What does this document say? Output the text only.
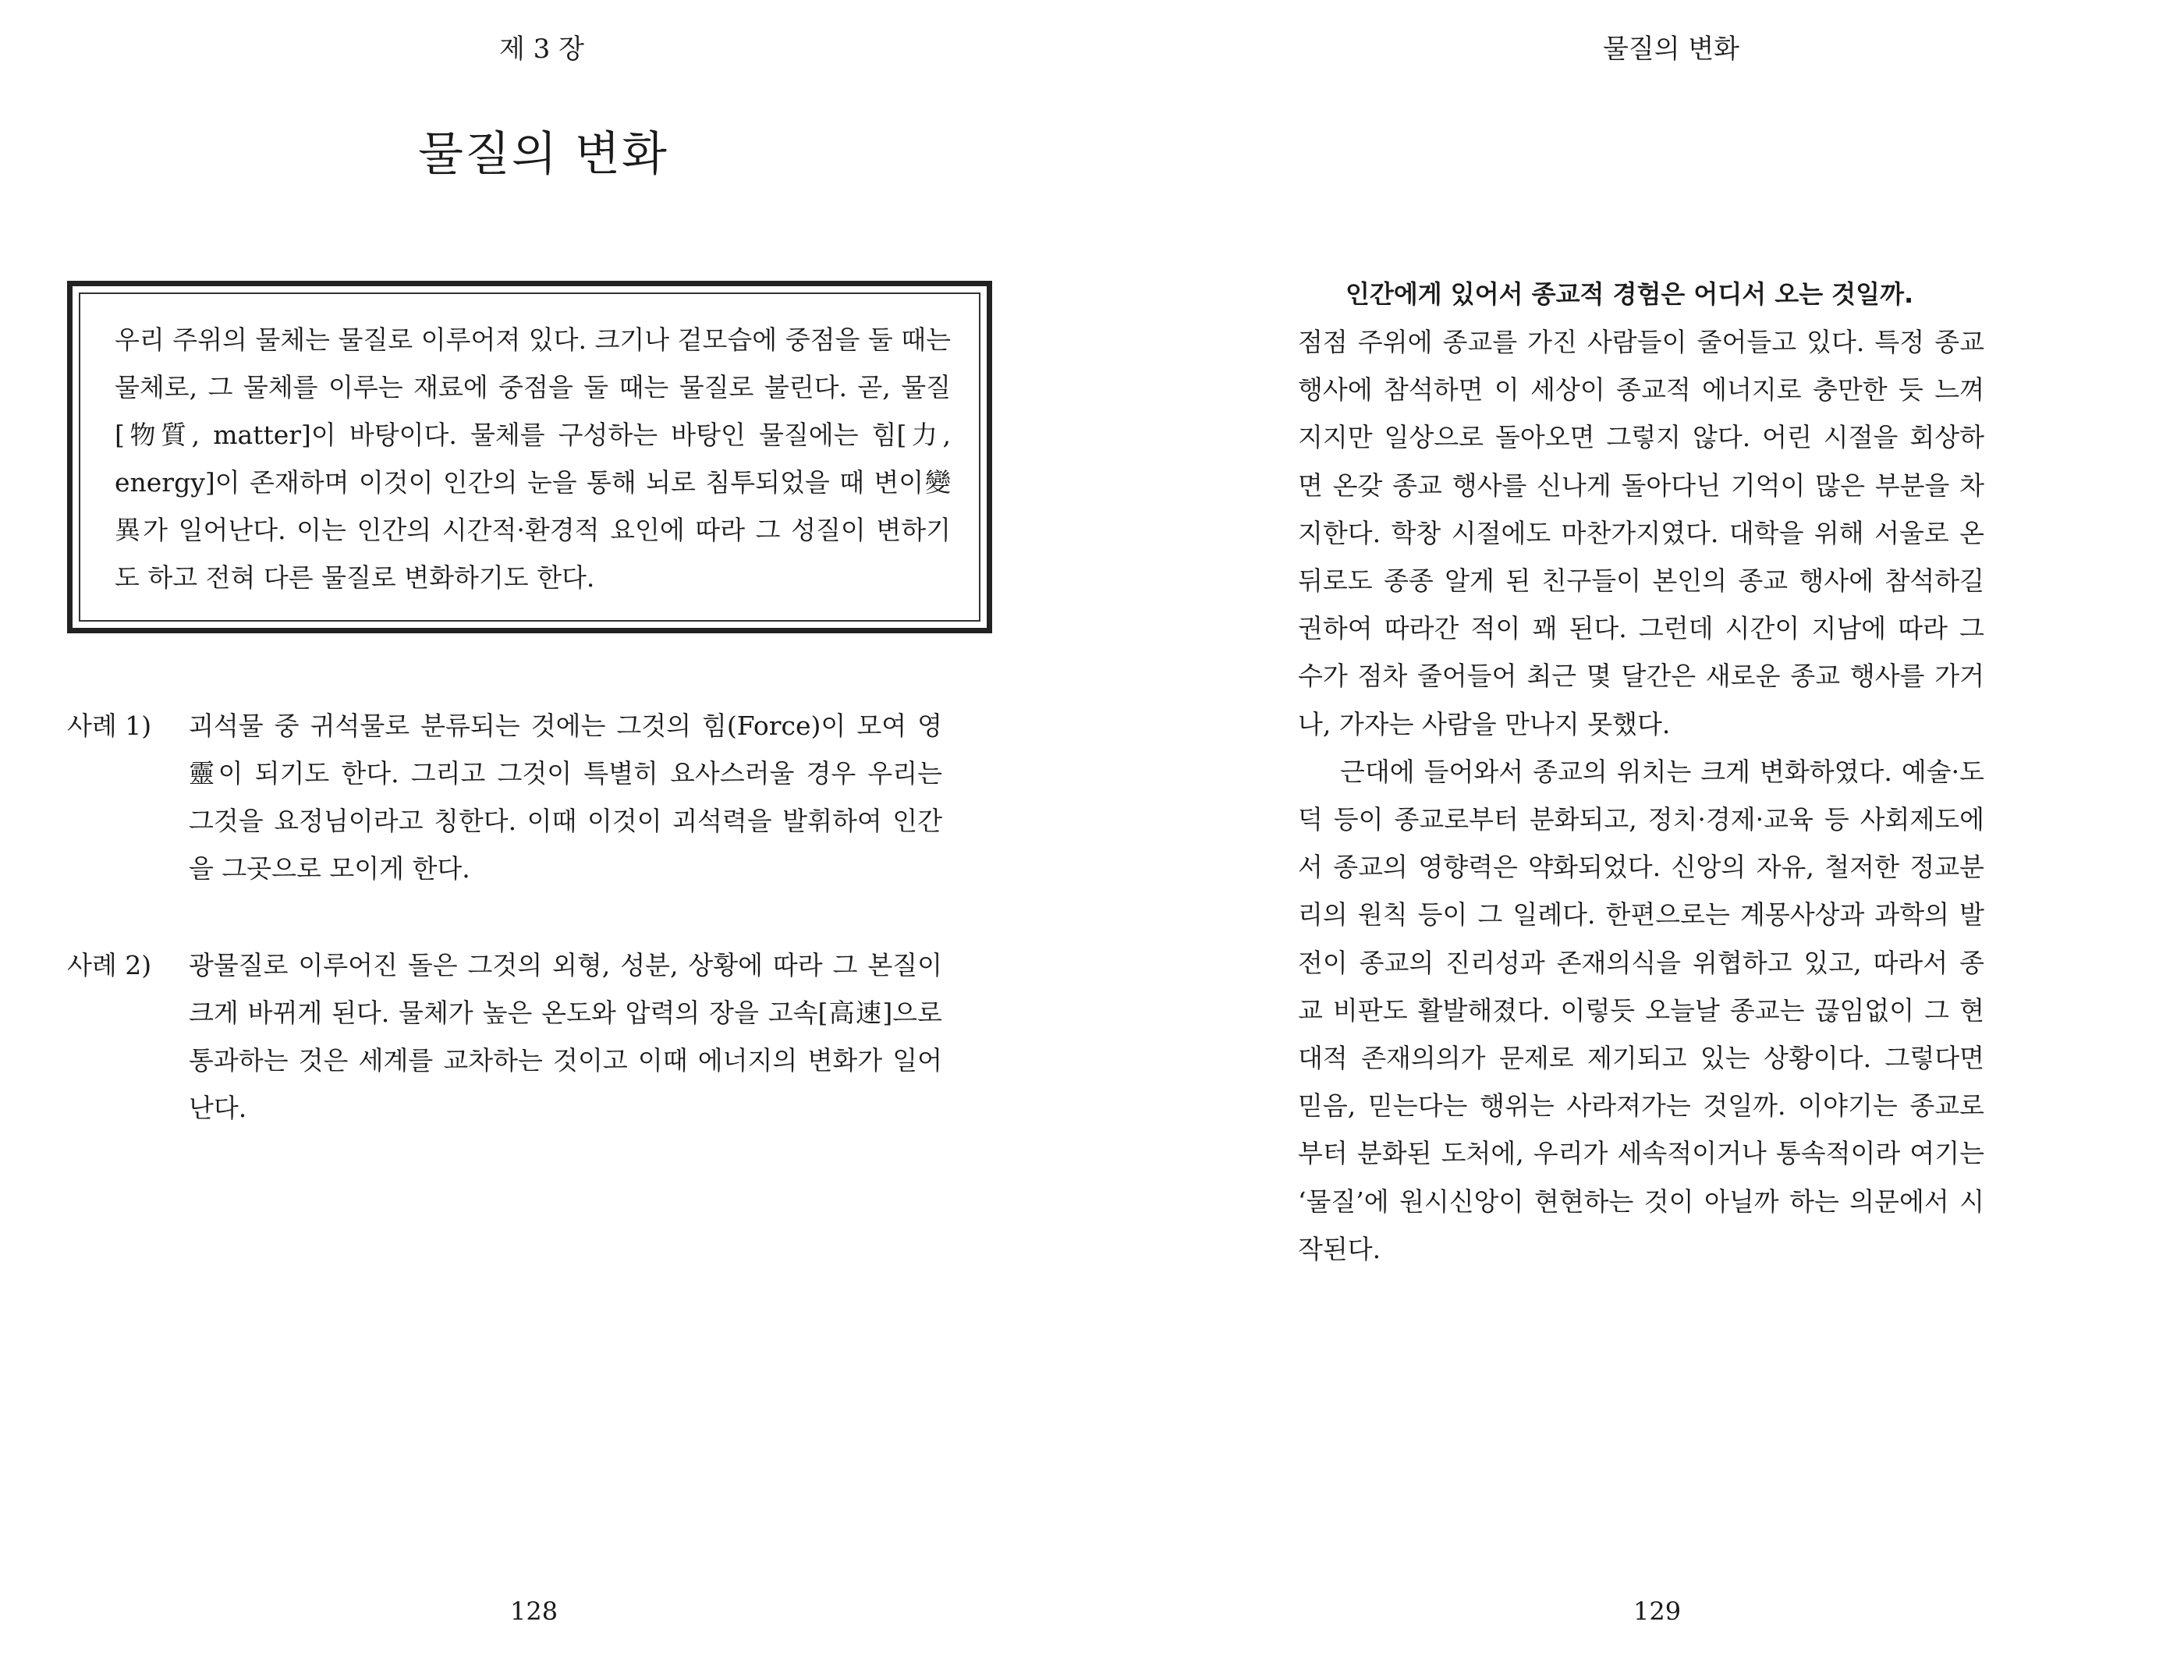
제 3 장
물질의 변화

우리 주위의 물체는 물질로 이루어져 있다. 크기나 겉모습에 중점을 둘 때는 물체로, 그 물체를 이루는 재료에 중점을 둘 때는 물질로 불린다. 곧, 물질 [物質, matter]이 바탕이다. 물체를 구성하는 바탕인 물질에는 힘[力, energy]이 존재하며 이것이 인간의 눈을 통해 뇌로 침투되었을 때 변이變異가 일어난다. 이는 인간의 시간적·환경적 요인에 따라 그 성질이 변하기도 하고 전혀 다른 물질로 변화하기도 한다.

사례 1) 괴석물 중 귀석물로 분류되는 것에는 그것의 힘(Force)이 모여 영靈이 되기도 한다. 그리고 그것이 특별히 요사스러울 경우 우리는 그것을 요정님이라고 칭한다. 이때 이것이 괴석력을 발휘하여 인간을 그곳으로 모이게 한다.

사례 2) 광물질로 이루어진 돌은 그것의 외형, 성분, 상황에 따라 그 본질이 크게 바뀌게 된다. 물체가 높은 온도와 압력의 장을 고속[高速]으로 통과하는 것은 세계를 교차하는 것이고 이때 에너지의 변화가 일어난다.

128
물질의 변화
인간에게 있어서 종교적 경험은 어디서 오는 것일까.

점점 주위에 종교를 가진 사람들이 줄어들고 있다. 특정 종교 행사에 참석하면 이 세상이 종교적 에너지로 충만한 듯 느껴지지만 일상으로 돌아오면 그렇지 않다. 어린 시절을 회상하면 온갖 종교 행사를 신나게 돌아다닌 기억이 많은 부분을 차지한다. 학창 시절에도 마찬가지였다. 대학을 위해 서울로 온 뒤로도 종종 알게 된 친구들이 본인의 종교 행사에 참석하길 권하여 따라간 적이 꽤 된다. 그런데 시간이 지남에 따라 그 수가 점차 줄어들어 최근 몇 달간은 새로운 종교 행사를 가거나, 가자는 사람을 만나지 못했다.

근대에 들어와서 종교의 위치는 크게 변화하였다. 예술·도덕 등이 종교로부터 분화되고, 정치·경제·교육 등 사회제도에서 종교의 영향력은 약화되었다. 신앙의 자유, 철저한 정교분리의 원칙 등이 그 일례다. 한편으로는 계몽사상과 과학의 발전이 종교의 진리성과 존재의식을 위협하고 있고, 따라서 종교 비판도 활발해졌다. 이렇듯 오늘날 종교는 끊임없이 그 현대적 존재의의가 문제로 제기되고 있는 상황이다. 그렇다면 믿음, 믿는다는 행위는 사라져가는 것일까. 이야기는 종교로부터 분화된 도처에, 우리가 세속적이거나 통속적이라 여기는 ‘물질’에 원시신앙이 현현하는 것이 아닐까 하는 의문에서 시작된다.

129
